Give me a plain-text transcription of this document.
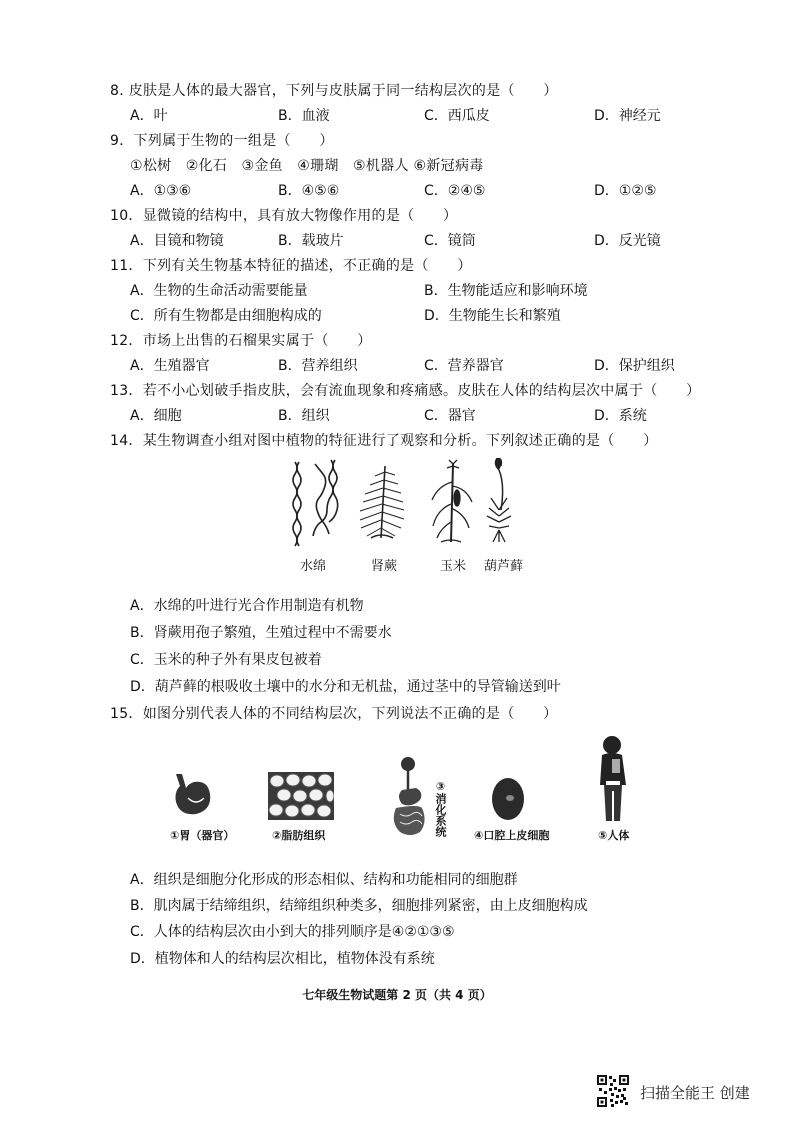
8. 皮肤是人体的最大器官，下列与皮肤属于同一结构层次的是（　　）
A．叶	B．血液	C．西瓜皮	D．神经元
9．下列属于生物的一组是（　　）
①松树　②化石　③金鱼　④珊瑚　⑤机器人 ⑥新冠病毒
A．①③⑥	B．④⑤⑥	C．②④⑤	D．①②⑤
10．显微镜的结构中，具有放大物像作用的是（　　）
A．目镜和物镜	B．载玻片	C．镜筒	D．反光镜
11．下列有关生物基本特征的描述，不正确的是（　　）
A．生物的生命活动需要能量	B．生物能适应和影响环境
C．所有生物都是由细胞构成的	D．生物能生长和繁殖
12．市场上出售的石榴果实属于（　　）
A．生殖器官	B．营养组织	C．营养器官	D．保护组织
13．若不小心划破手指皮肤，会有流血现象和疼痛感。皮肤在人体的结构层次中属于（　　）
A．细胞	B．组织	C．器官	D．系统
14．某生物调查小组对图中植物的特征进行了观察和分析。下列叙述正确的是（　　）
水绵	肾蕨	玉米 葫芦藓
A．水绵的叶进行光合作用制造有机物
B．肾蕨用孢子繁殖，生殖过程中不需要水
C．玉米的种子外有果皮包被着
D．葫芦藓的根吸收土壤中的水分和无机盐，通过茎中的导管输送到叶
15．如图分别代表人体的不同结构层次，下列说法不正确的是（　　）
③消化系统
①胃（器官）	②脂肪组织	④口腔上皮细胞	⑤人体
A．组织是细胞分化形成的形态相似、结构和功能相同的细胞群
B．肌肉属于结缔组织，结缔组织种类多，细胞排列紧密，由上皮细胞构成
C．人体的结构层次由小到大的排列顺序是④②①③⑤
D．植物体和人的结构层次相比，植物体没有系统
七年级生物试题第 2 页（共 4 页）
扫描全能王 创建
